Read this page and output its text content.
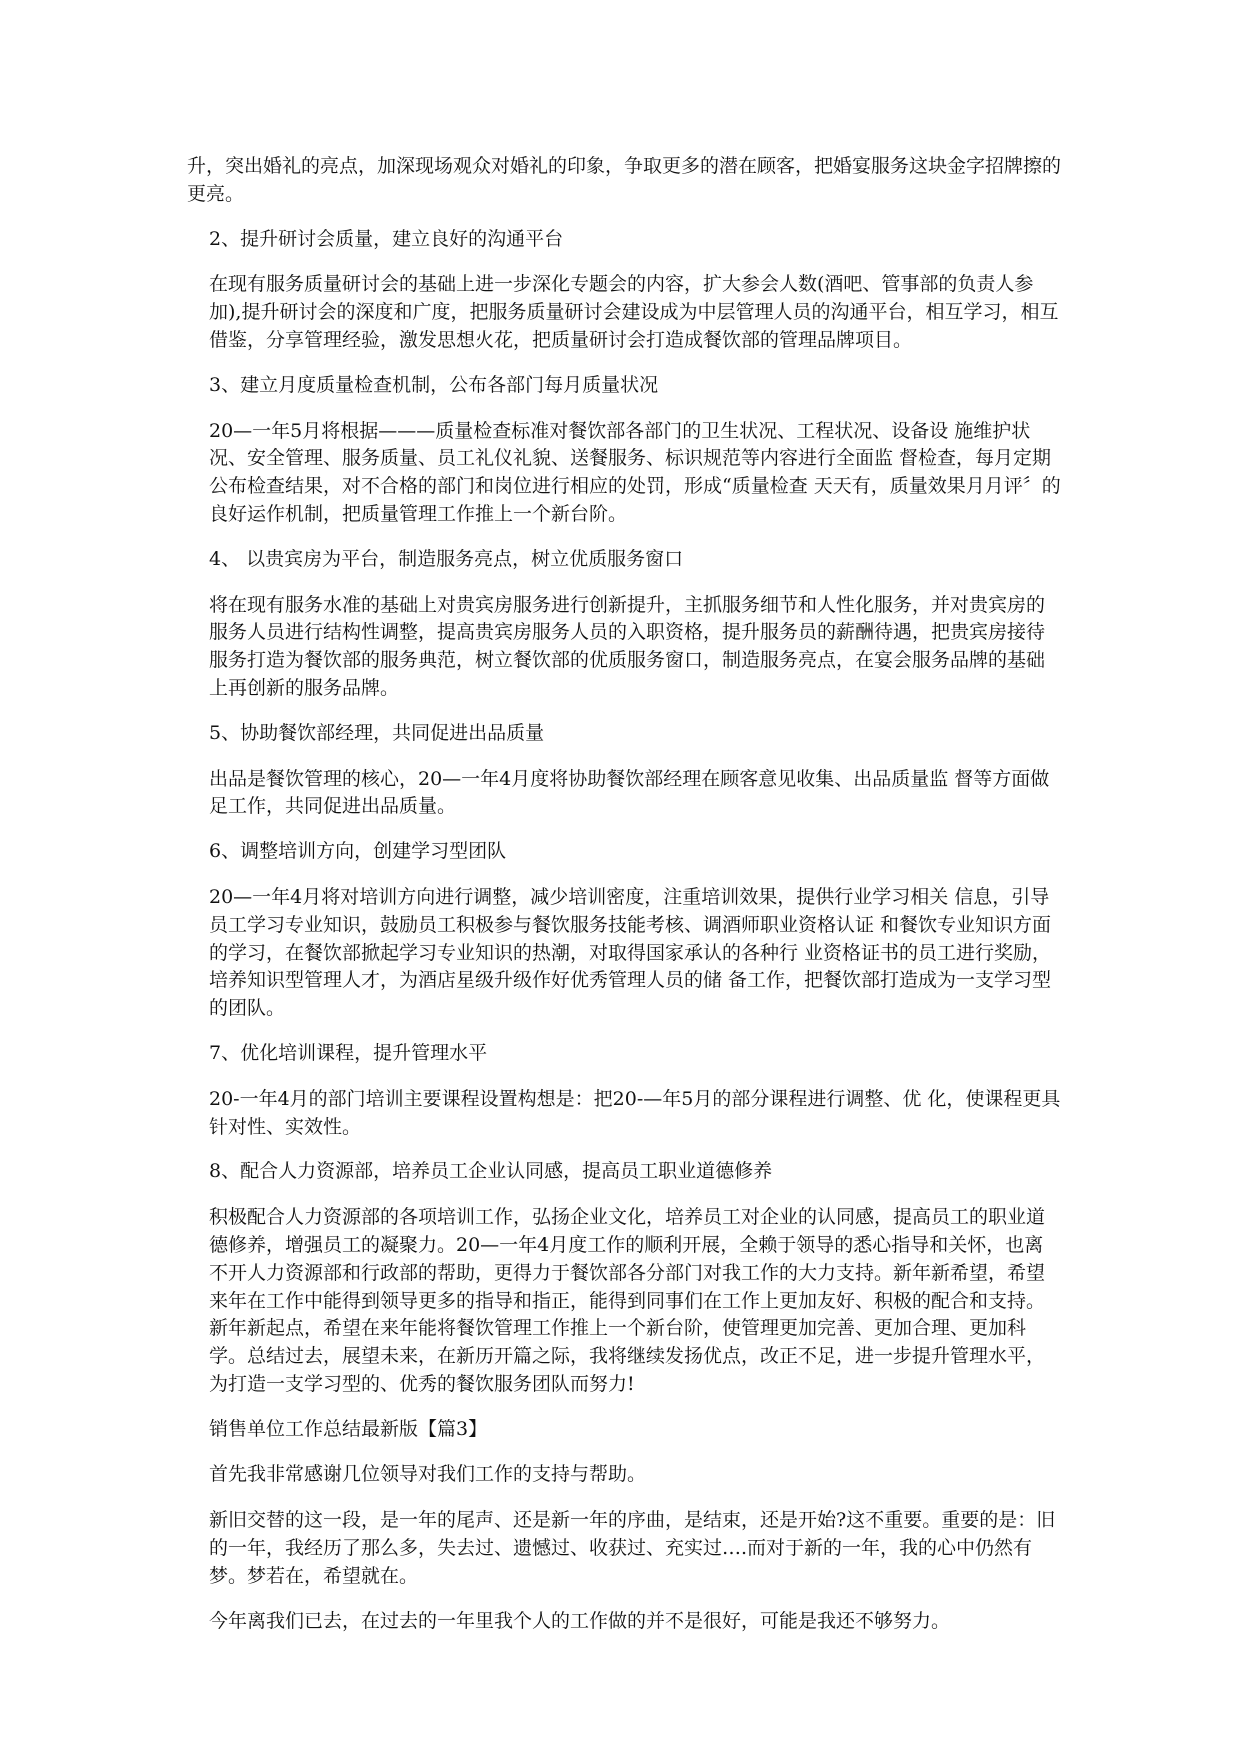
升，突出婚礼的亮点，加深现场观众对婚礼的印象，争取更多的潜在顾客，把婚宴服务这块金字招牌擦的更亮。

2、提升研讨会质量，建立良好的沟通平台

在现有服务质量研讨会的基础上进一步深化专题会的内容，扩大参会人数(酒吧、管事部的负责人参加),提升研讨会的深度和广度，把服务质量研讨会建设成为中层管理人员的沟通平台，相互学习，相互借鉴，分享管理经验，激发思想火花，把质量研讨会打造成餐饮部的管理品牌项目。

3、建立月度质量检查机制，公布各部门每月质量状况

20—一年5月将根据———质量检查标准对餐饮部各部门的卫生状况、工程状况、设备设 施维护状况、安全管理、服务质量、员工礼仪礼貌、送餐服务、标识规范等内容进行全面监 督检查，每月定期公布检查结果，对不合格的部门和岗位进行相应的处罚，形成“质量检查 天天有，质量效果月月评〞的良好运作机制，把质量管理工作推上一个新台阶。

4、 以贵宾房为平台，制造服务亮点，树立优质服务窗口

将在现有服务水准的基础上对贵宾房服务进行创新提升，主抓服务细节和人性化服务，并对贵宾房的服务人员进行结构性调整，提高贵宾房服务人员的入职资格，提升服务员的薪酬待遇，把贵宾房接待服务打造为餐饮部的服务典范，树立餐饮部的优质服务窗口，制造服务亮点，在宴会服务品牌的基础上再创新的服务品牌。

5、协助餐饮部经理，共同促进出品质量

出品是餐饮管理的核心，20—一年4月度将协助餐饮部经理在顾客意见收集、出品质量监 督等方面做足工作，共同促进出品质量。

6、调整培训方向，创建学习型团队

20—一年4月将对培训方向进行调整，减少培训密度，注重培训效果，提供行业学习相关 信息，引导员工学习专业知识，鼓励员工积极参与餐饮服务技能考核、调酒师职业资格认证 和餐饮专业知识方面的学习，在餐饮部掀起学习专业知识的热潮，对取得国家承认的各种行 业资格证书的员工进行奖励，培养知识型管理人才，为酒店星级升级作好优秀管理人员的储 备工作，把餐饮部打造成为一支学习型的团队。

7、优化培训课程，提升管理水平

20-一年4月的部门培训主要课程设置构想是：把20-—年5月的部分课程进行调整、优 化，使课程更具针对性、实效性。

8、配合人力资源部，培养员工企业认同感，提高员工职业道德修养

积极配合人力资源部的各项培训工作，弘扬企业文化，培养员工对企业的认同感，提高员工的职业道德修养，增强员工的凝聚力。20—一年4月度工作的顺利开展，全赖于领导的悉心指导和关怀，也离不开人力资源部和行政部的帮助，更得力于餐饮部各分部门对我工作的大力支持。新年新希望，希望来年在工作中能得到领导更多的指导和指正，能得到同事们在工作上更加友好、积极的配合和支持。新年新起点，希望在来年能将餐饮管理工作推上一个新台阶，使管理更加完善、更加合理、更加科学。总结过去，展望未来，在新历开篇之际，我将继续发扬优点，改正不足，进一步提升管理水平，为打造一支学习型的、优秀的餐饮服务团队而努力!

销售单位工作总结最新版【篇3】

首先我非常感谢几位领导对我们工作的支持与帮助。

新旧交替的这一段，是一年的尾声、还是新一年的序曲，是结束，还是开始?这不重要。重要的是：旧的一年，我经历了那么多，失去过、遗憾过、收获过、充实过….而对于新的一年，我的心中仍然有梦。梦若在，希望就在。

今年离我们已去，在过去的一年里我个人的工作做的并不是很好，可能是我还不够努力。
